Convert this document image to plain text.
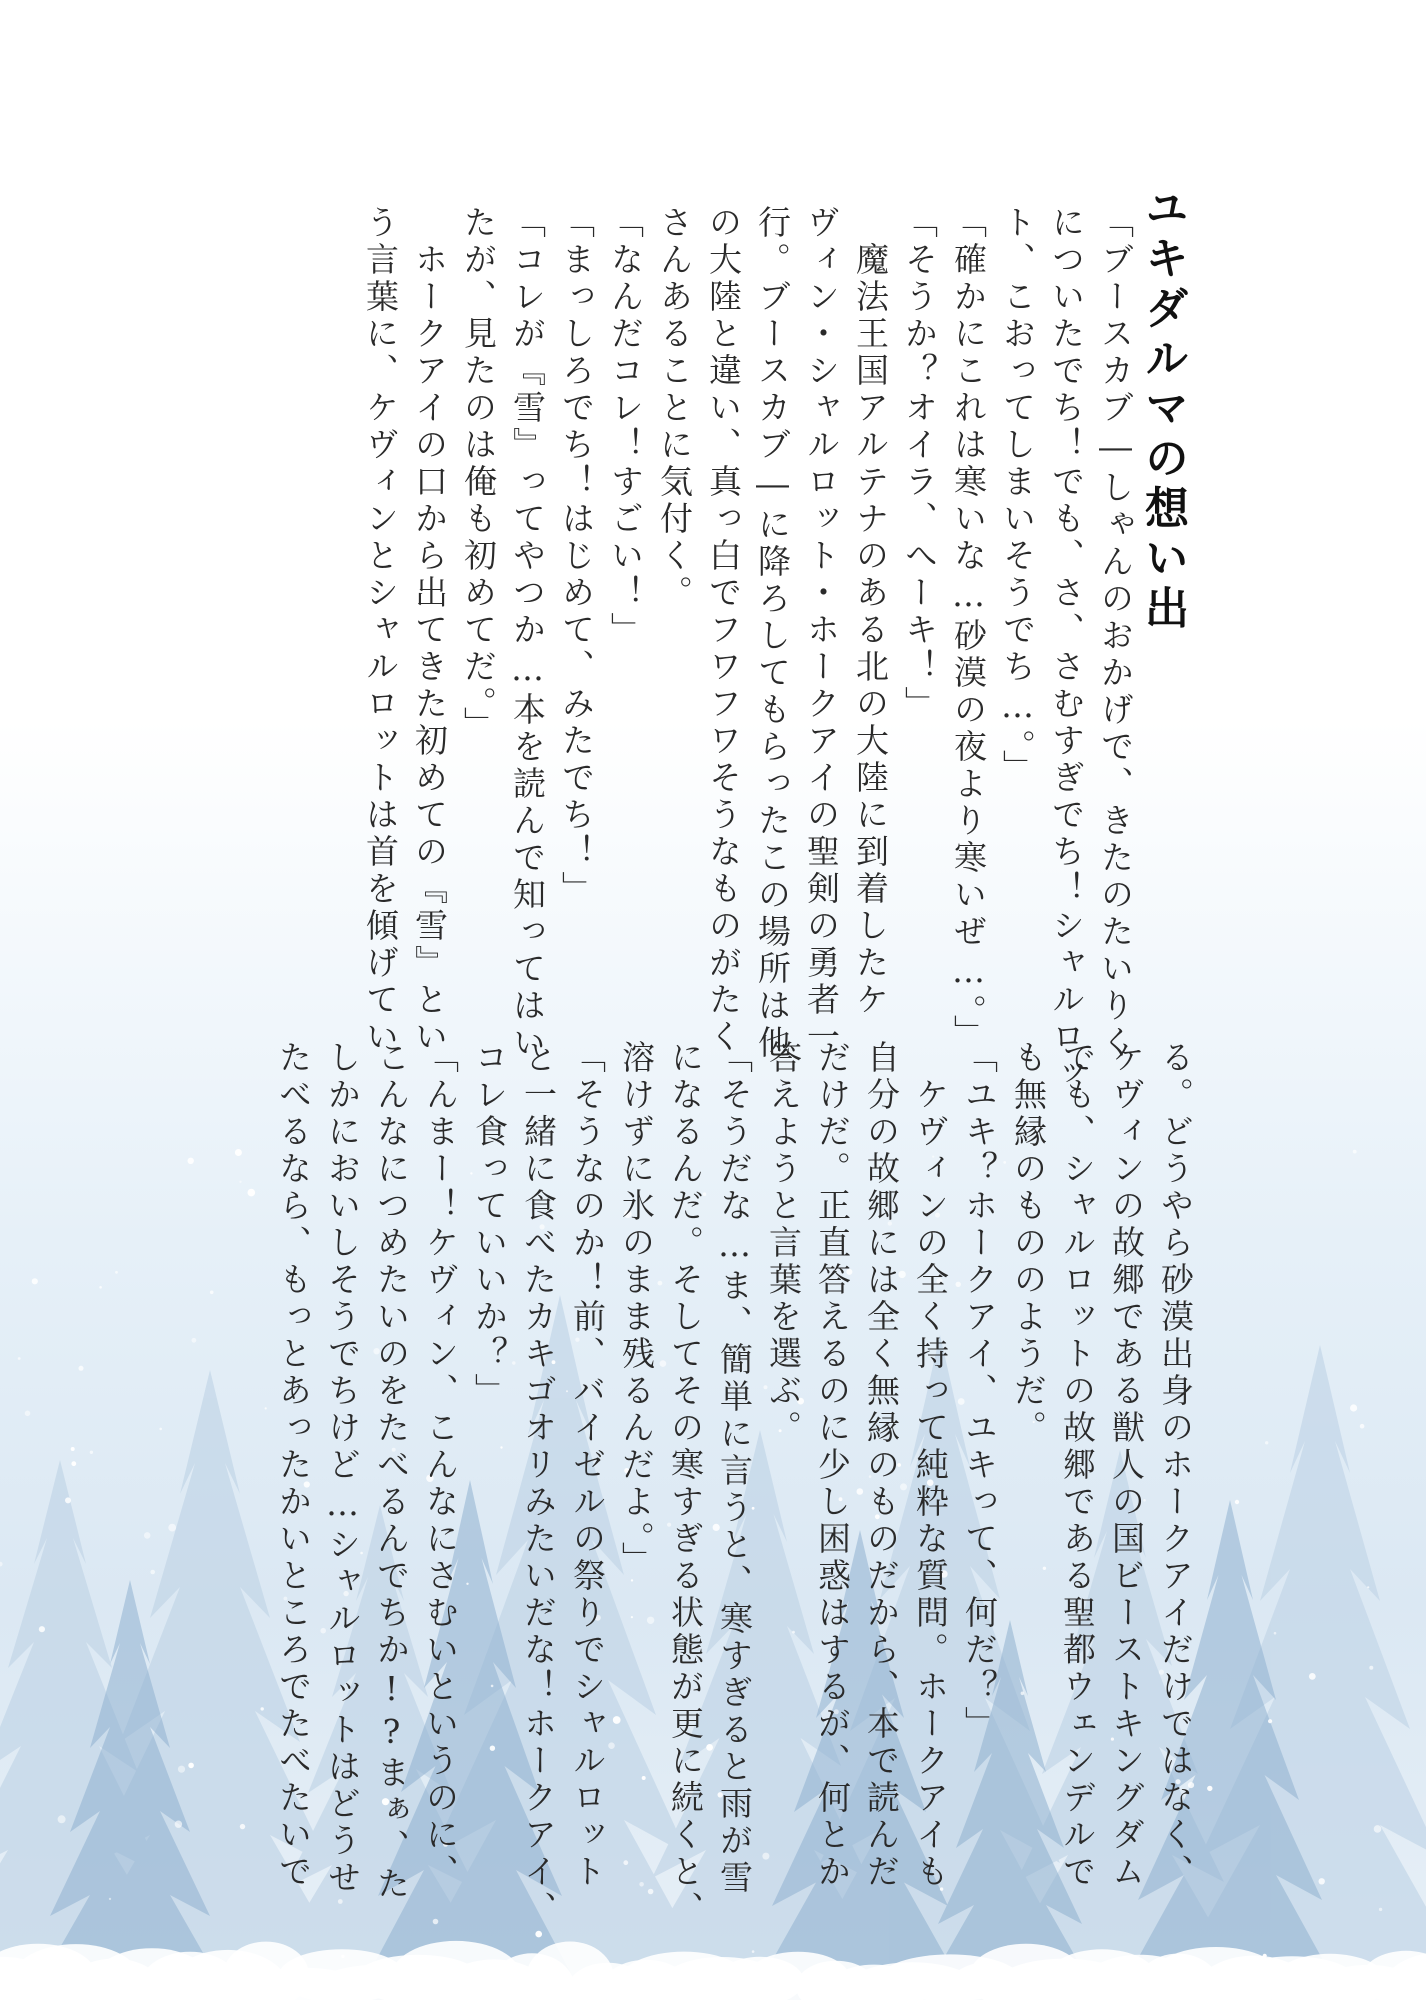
ユキダルマの想い出
「ブースカブ―しゃんのおかげで、きたのたいりく
についたでち！でも、さ、さむすぎでち！シャルロッ
ト、こおってしまいそうでち…。」
「確かにこれは寒いな…砂漠の夜より寒いぜ…。」
「そうか？オイラ、へーキ！」
　魔法王国アルテナのある北の大陸に到着したケ
ヴィン・シャルロット・ホークアイの聖剣の勇者一
行。ブースカブ―に降ろしてもらったこの場所は他
の大陸と違い、真っ白でフワフワそうなものがたく
さんあることに気付く。
「なんだコレ！すごい！」
「まっしろでち！はじめて、みたでち！」
「コレが『雪』ってやつか…本を読んで知ってはい
たが、見たのは俺も初めてだ。」
　ホークアイの口から出てきた初めての『雪』とい
う言葉に、ケヴィンとシャルロットは首を傾げてい
る。どうやら砂漠出身のホークアイだけではなく、
ケヴィンの故郷である獣人の国ビーストキングダム
でも、シャルロットの故郷である聖都ウェンデルで
も無縁のもののようだ。
「ユキ？ホークアイ、ユキって、何だ？」
　ケヴィンの全く持って純粋な質問。ホークアイも
自分の故郷には全く無縁のものだから、本で読んだ
だけだ。正直答えるのに少し困惑はするが、何とか
答えようと言葉を選ぶ。
「そうだな…ま、簡単に言うと、寒すぎると雨が雪
になるんだ。そしてその寒すぎる状態が更に続くと、
溶けずに氷のまま残るんだよ。」
「そうなのか！前、バイゼルの祭りでシャルロット
と一緒に食べたカキゴオリみたいだな！ホークアイ、
コレ食っていいか？」
「んまー！ケヴィン、こんなにさむいというのに、
こんなにつめたいのをたべるんでちか!?まぁ、た
しかにおいしそうでちけど…シャルロットはどうせ
たべるなら、もっとあったかいところでたべたいで
